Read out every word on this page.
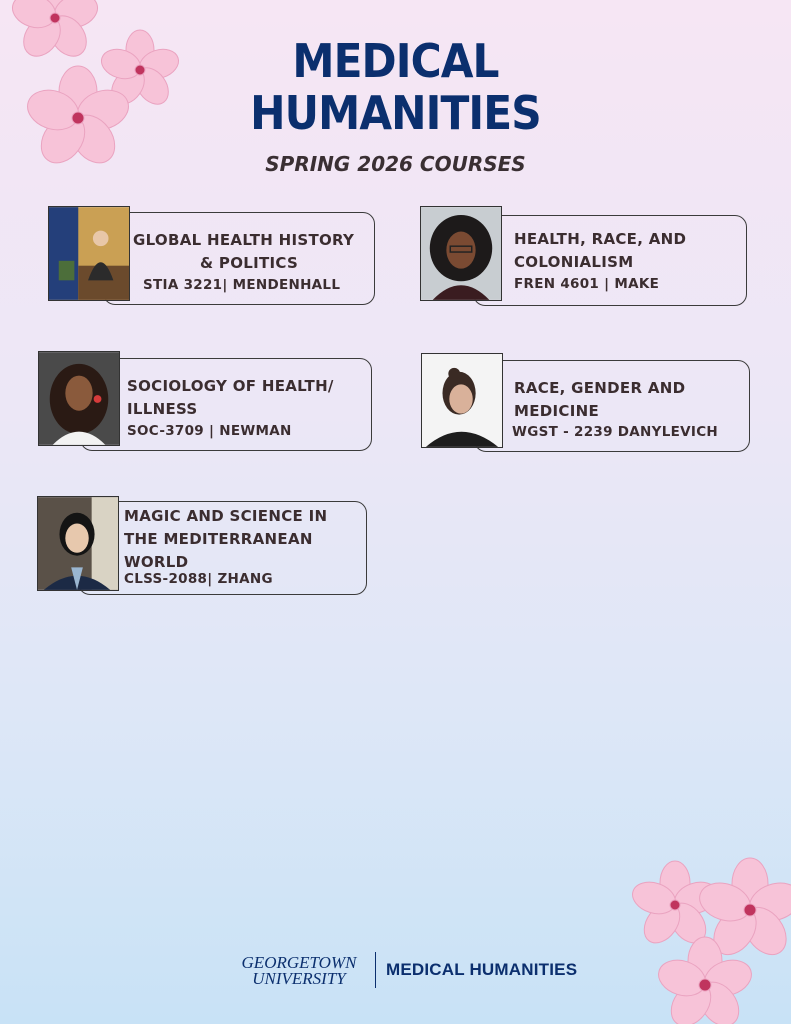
MEDICAL
HUMANITIES
SPRING 2026 COURSES
GLOBAL HEALTH HISTORY
& POLITICS
STIA 3221| MENDENHALL
HEALTH, RACE, AND
COLONIALISM
FREN 4601 | MAKE
SOCIOLOGY OF HEALTH/
ILLNESS
SOC-3709 | NEWMAN
RACE, GENDER AND
MEDICINE
WGST - 2239 DANYLEVICH
MAGIC AND SCIENCE IN
THE MEDITERRANEAN
WORLD
CLSS-2088| ZHANG
GEORGETOWN
UNIVERSITY	MEDICAL HUMANITIES
